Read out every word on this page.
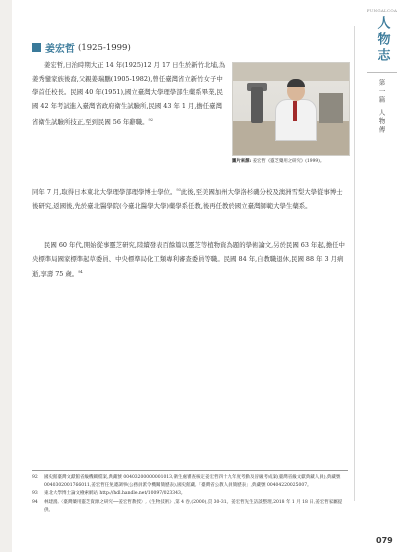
FUNGALCOA
人物志
第一篇 人物傳
姜宏哲 (1925-1999)
姜宏哲,日治時期大正 14 年(1925)12 月 17 日生於新竹北埔,為姜秀鑾家族後裔,父親姜瑞鵬(1905-1982),曾任臺灣省立新竹女子中學首任校長。民國 40 年(1951),國立臺灣大學理學部生藥系畢業,民國 42 年考試進入臺灣省政府衛生試驗所,民國 43 年 1 月,擔任臺灣省衛生試驗所技正,至到民國 56 年辭職。$^{92}$
同年 7 月,取得日本東北大學理學部理學博士學位。$^{93}$此後,至美國加州大學洛杉磯分校及澳洲雪梨大學從事博士後研究,返國後,先於臺北醫學院(今臺北醫學大學)藥學系任教,後再任教於國立臺灣師範大學生藥系。
民國 60 年代,開始從事靈芝研究,陸續發表百餘篇以靈芝等植物資為題的學術論文,另於民國 63 年起,擔任中央標準局國家標準起草委員、中央標準局化工類專利審查委員等職。民國 84 年,自教職退休,民國 88 年 3 月病逝,享壽 75 歲。$^{94}$
圖片來源: 姜宏哲《靈芝藥用之研究》(1999)。
92	國史館臺灣文獻館省級機關檔案,典藏號 00403200000001013,衛生處審查核定姜宏哲四十九年度考勤及晉級考成案(臺灣省級文獻典藏人員),典藏號 0040302001766011,姜宏哲任免遷調事(公務員派令機關簡歷表),國史館藏,「臺灣省公教人員簡歷表」,典藏號 00404220025007。
93	東北大學博士論文檢索網站 http://hdl.handle.net/10097/023343。
94	林建鴻,〈臺灣藥用靈芝資源之研究──姜宏哲教授〉,《生物技術》,第 4 卷,(2000),頁 30-31。姜宏哲先生訪談整理,2018 年 1 月 18 日,姜宏哲家屬提供。
079
